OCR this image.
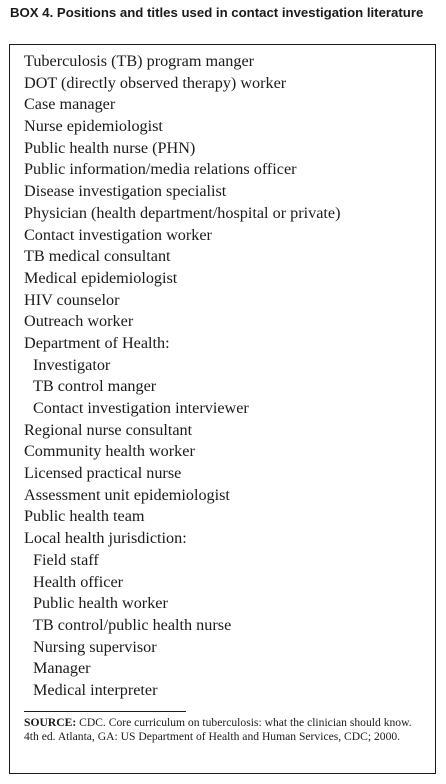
BOX 4. Positions and titles used in contact investigation literature
Tuberculosis (TB) program manger
DOT (directly observed therapy) worker
Case manager
Nurse epidemiologist
Public health nurse (PHN)
Public information/media relations officer
Disease investigation specialist
Physician (health department/hospital or private)
Contact investigation worker
TB medical consultant
Medical epidemiologist
HIV counselor
Outreach worker
Department of Health:
Investigator
TB control manger
Contact investigation interviewer
Regional nurse consultant
Community health worker
Licensed practical nurse
Assessment unit epidemiologist
Public health team
Local health jurisdiction:
Field staff
Health officer
Public health worker
TB control/public health nurse
Nursing supervisor
Manager
Medical interpreter

SOURCE: CDC. Core curriculum on tuberculosis: what the clinician should know. 4th ed. Atlanta, GA: US Department of Health and Human Services, CDC; 2000.
